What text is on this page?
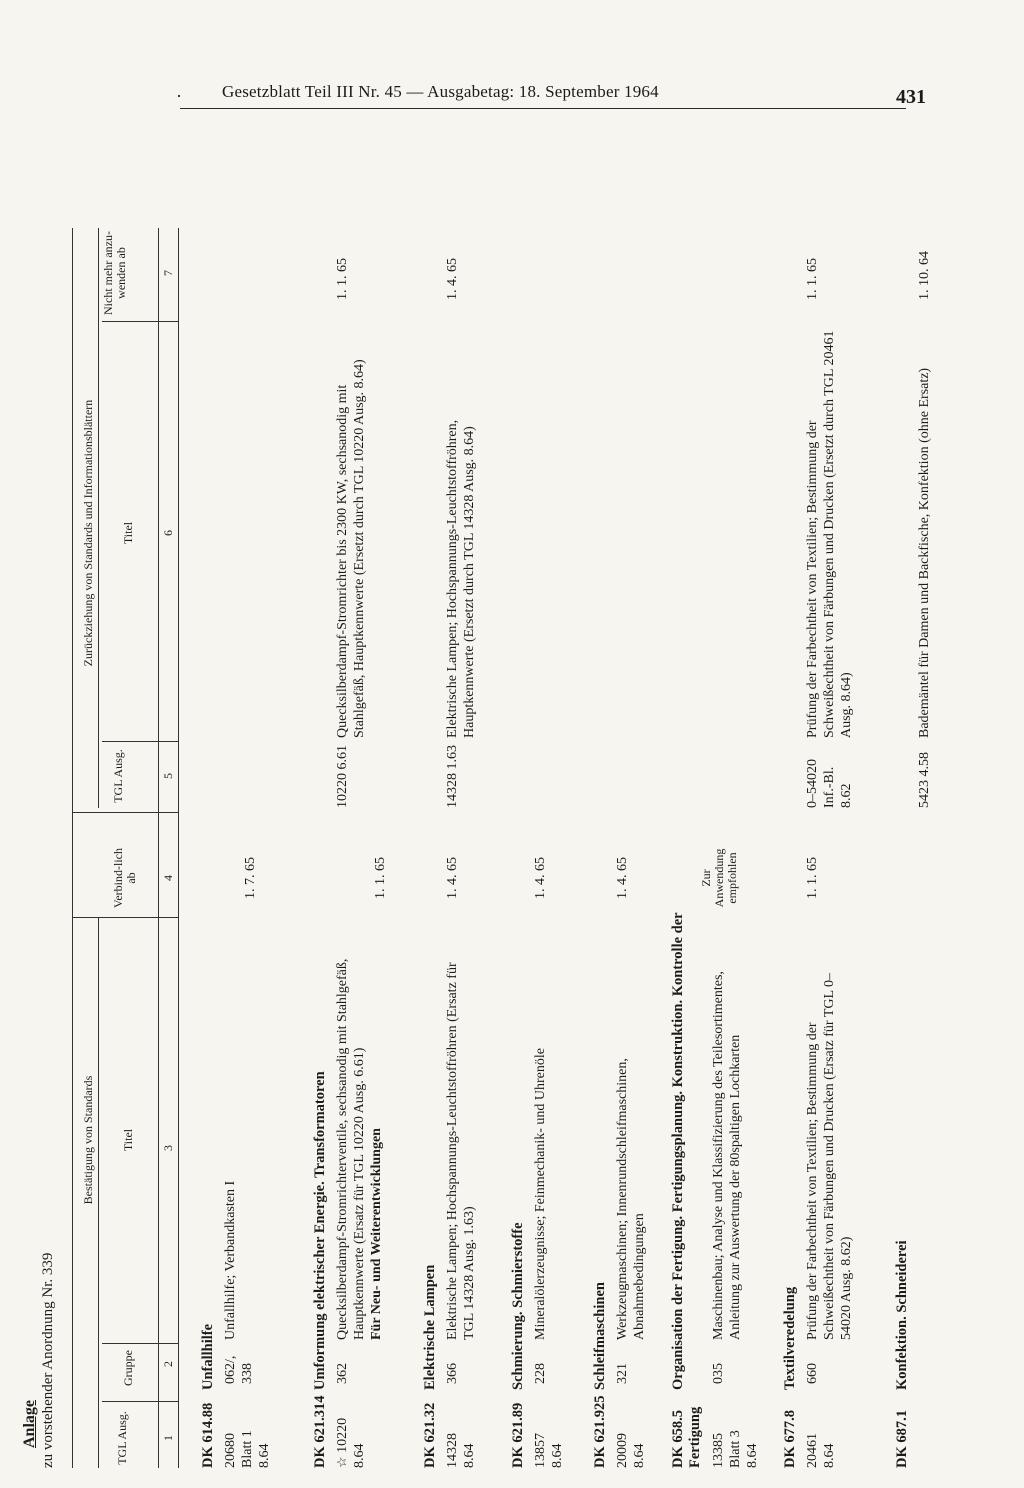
· Gesetzblatt Teil III Nr. 45 — Ausgabetag: 18. September 1964	431
Anlage zu vorstehender Anordnung Nr. 339
Bestätigung von Standards
Zurückziehung von Standards und Informationsblättern
TGL Ausg.
Gruppe
Titel
Verbind-lich ab
TGL Ausg.
Titel
Nicht mehr anzu-wenden ab
1
2
3
4
5
6
7
DK 614.88Unfallhilfe
20680 Blatt 1 8.64
062/, 338
Unfallhilfe; Verbandkasten I
1. 7. 65
DK 621.314Umformung elektrischer Energie. Transformatoren
☆ 10220 8.64
362
Quecksilberdampf-Stromrichterventile, sechsanodig mit Stahlgefäß, Hauptkennwerte (Ersatz für TGL 10220 Ausg. 6.61) Für Neu- und Weiterentwicklungen
1. 1. 65
10220 6.61
Quecksilberdampf-Stromrichter bis 2300 KW, sechsanodig mit Stahlgefäß, Hauptkennwerte (Ersetzt durch TGL 10220 Ausg. 8.64)
1. 1. 65
DK 621.32Elektrische Lampen
14328 8.64
366
Elektrische Lampen; Hochspannungs-Leuchtstoffröhren (Ersatz für TGL 14328 Ausg. 1.63)
1. 4. 65
14328 1.63
Elektrische Lampen; Hochspannungs-Leuchtstoffröhren, Hauptkennwerte (Ersetzt durch TGL 14328 Ausg. 8.64)
1. 4. 65
DK 621.89Schmierung. Schmierstoffe
13857 8.64
228
Mineralölerzeugnisse; Feinmechanik- und Uhrenöle
1. 4. 65
DK 621.925Schleifmaschinen
20009 8.64
321
Werkzeugmaschinen; Innenrundschleifmaschinen, Abnahmebedingungen
1. 4. 65
DK 658.5Organisation der Fertigung. Fertigungsplanung. Konstruktion. Kontrolle der Fertigung 13385 Blatt 3 8.64
035
Maschinenbau; Analyse und Klassifizierung des Teilesortimentes, Anleitung zur Auswertung der 80spaltigen Lochkarten
Zur Anwendung empfohlen
DK 677.8Textilveredelung
20461 8.64
660
Prüfung der Farbechtheit von Textilien; Bestimmung der Schweißechtheit von Färbungen und Drucken (Ersatz für TGL 0–54020 Ausg. 8.62)
1. 1. 65
0–54020 Inf.-Bl. 8.62
Prüfung der Farbechtheit von Textilien; Bestimmung der Schweißechtheit von Färbungen und Drucken (Ersetzt durch TGL 20461 Ausg. 8.64)
1. 1. 65
DK 687.1Konfektion. Schneiderei
5423 4.58
Bademäntel für Damen und Backfische, Konfektion (ohne Ersatz)
1. 10. 64
